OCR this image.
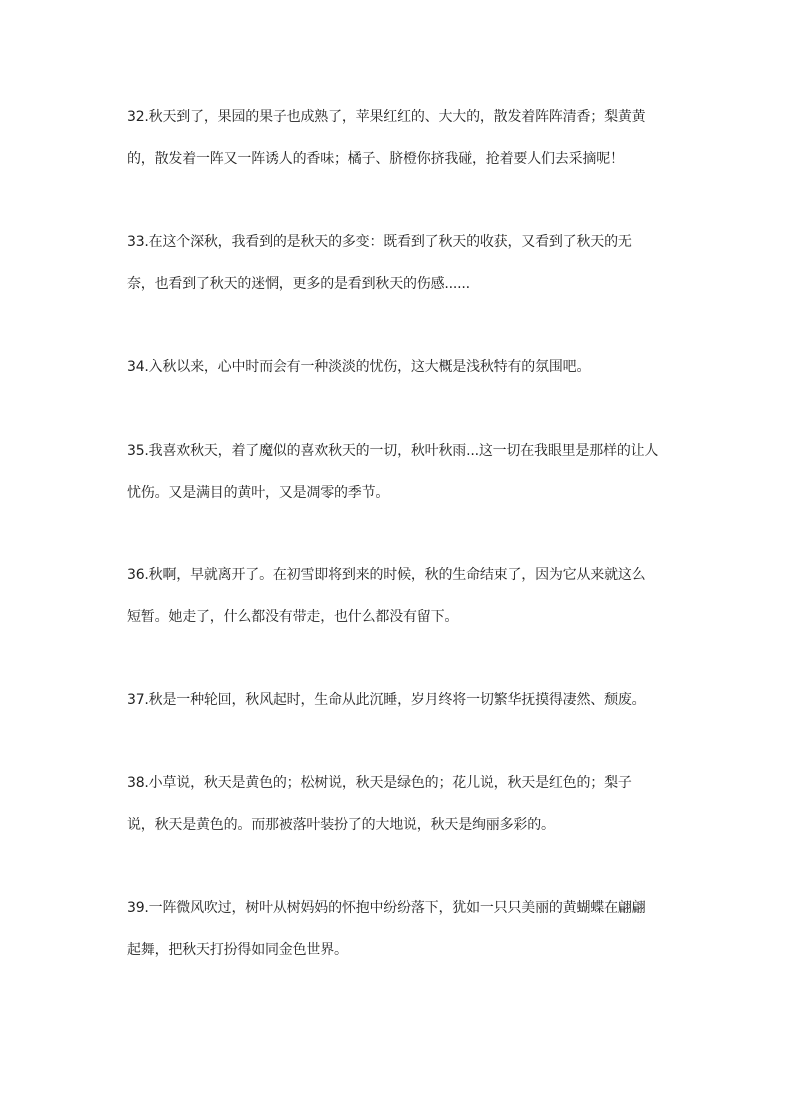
32.秋天到了，果园的果子也成熟了，苹果红红的、大大的，散发着阵阵清香；梨黄黄
的，散发着一阵又一阵诱人的香味；橘子、脐橙你挤我碰，抢着要人们去采摘呢！
33.在这个深秋，我看到的是秋天的多变：既看到了秋天的收获，又看到了秋天的无
奈，也看到了秋天的迷惘，更多的是看到秋天的伤感......
34.入秋以来，心中时而会有一种淡淡的忧伤，这大概是浅秋特有的氛围吧。
35.我喜欢秋天，着了魔似的喜欢秋天的一切，秋叶秋雨...这一切在我眼里是那样的让人
忧伤。又是满目的黄叶，又是凋零的季节。
36.秋啊，早就离开了。在初雪即将到来的时候，秋的生命结束了，因为它从来就这么
短暂。她走了，什么都没有带走，也什么都没有留下。
37.秋是一种轮回，秋风起时，生命从此沉睡，岁月终将一切繁华抚摸得凄然、颓废。
38.小草说，秋天是黄色的；松树说，秋天是绿色的；花儿说，秋天是红色的；梨子
说，秋天是黄色的。而那被落叶装扮了的大地说，秋天是绚丽多彩的。
39.一阵微风吹过，树叶从树妈妈的怀抱中纷纷落下，犹如一只只美丽的黄蝴蝶在翩翩
起舞，把秋天打扮得如同金色世界。
